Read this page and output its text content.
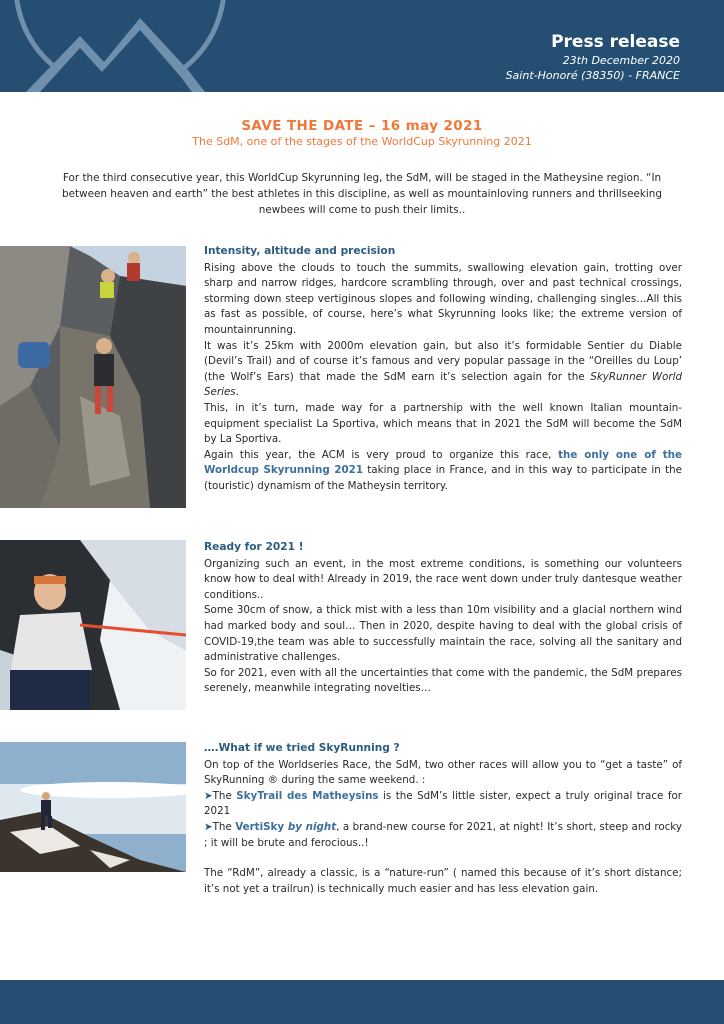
Press release
23th December 2020
Saint-Honoré (38350) - FRANCE
SAVE THE DATE – 16 may 2021
The SdM, one of the stages of the WorldCup Skyrunning 2021

For the third consecutive year, this WorldCup Skyrunning leg, the SdM, will be staged in the Matheysine region. “In between heaven and earth” the best athletes in this discipline, as well as mountainloving runners and thrillseeking newbees will come to push their limits..

Intensity, altitude and precision

Rising above the clouds to touch the summits, swallowing elevation gain, trotting over sharp and narrow ridges, hardcore scrambling through, over and past technical crossings, storming down steep vertiginous slopes and following winding, challenging singles…All this as fast as possible, of course, here’s what Skyrunning looks like; the extreme version of mountainrunning.

It was it’s 25km with 2000m elevation gain, but also it’s formidable Sentier du Diable (Devil’s Trail) and of course it’s famous and very popular passage in the “Oreilles du Loup’ (the Wolf’s Ears) that made the SdM earn it’s selection again for the SkyRunner World Series.

This, in it’s turn, made way for a partnership with the well known Italian mountain-equipment specialist La Sportiva, which means that in 2021 the SdM will become the SdM by La Sportiva.

Again this year, the ACM is very proud to organize this race, the only one of the Worldcup Skyrunning 2021 taking place in France, and in this way to participate in the (touristic) dynamism of the Matheysin territory.

Ready for 2021 !

Organizing such an event, in the most extreme conditions, is something our volunteers know how to deal with! Already in 2019, the race went down under truly dantesque weather conditions..

Some 30cm of snow, a thick mist with a less than 10m visibility and a glacial northern wind had marked body and soul… Then in 2020, despite having to deal with the global crisis of COVID-19,the team was able to successfully maintain the race, solving all the sanitary and administrative challenges.

So for 2021, even with all the uncertainties that come with the pandemic, the SdM prepares serenely, meanwhile integrating novelties…

….What if we tried SkyRunning ?

On top of the Worldseries Race, the SdM, two other races will allow you to “get a taste” of SkyRunning ® during the same weekend. :

➤The SkyTrail des Matheysins is the SdM’s little sister, expect a truly original trace for 2021

➤The VertiSky by night, a brand-new course for 2021, at night! It’s short, steep and rocky ; it will be brute and ferocious..!

The “RdM”, already a classic, is a “nature-run” ( named this because of it’s short distance; it’s not yet a trailrun) is technically much easier and has less elevation gain.
